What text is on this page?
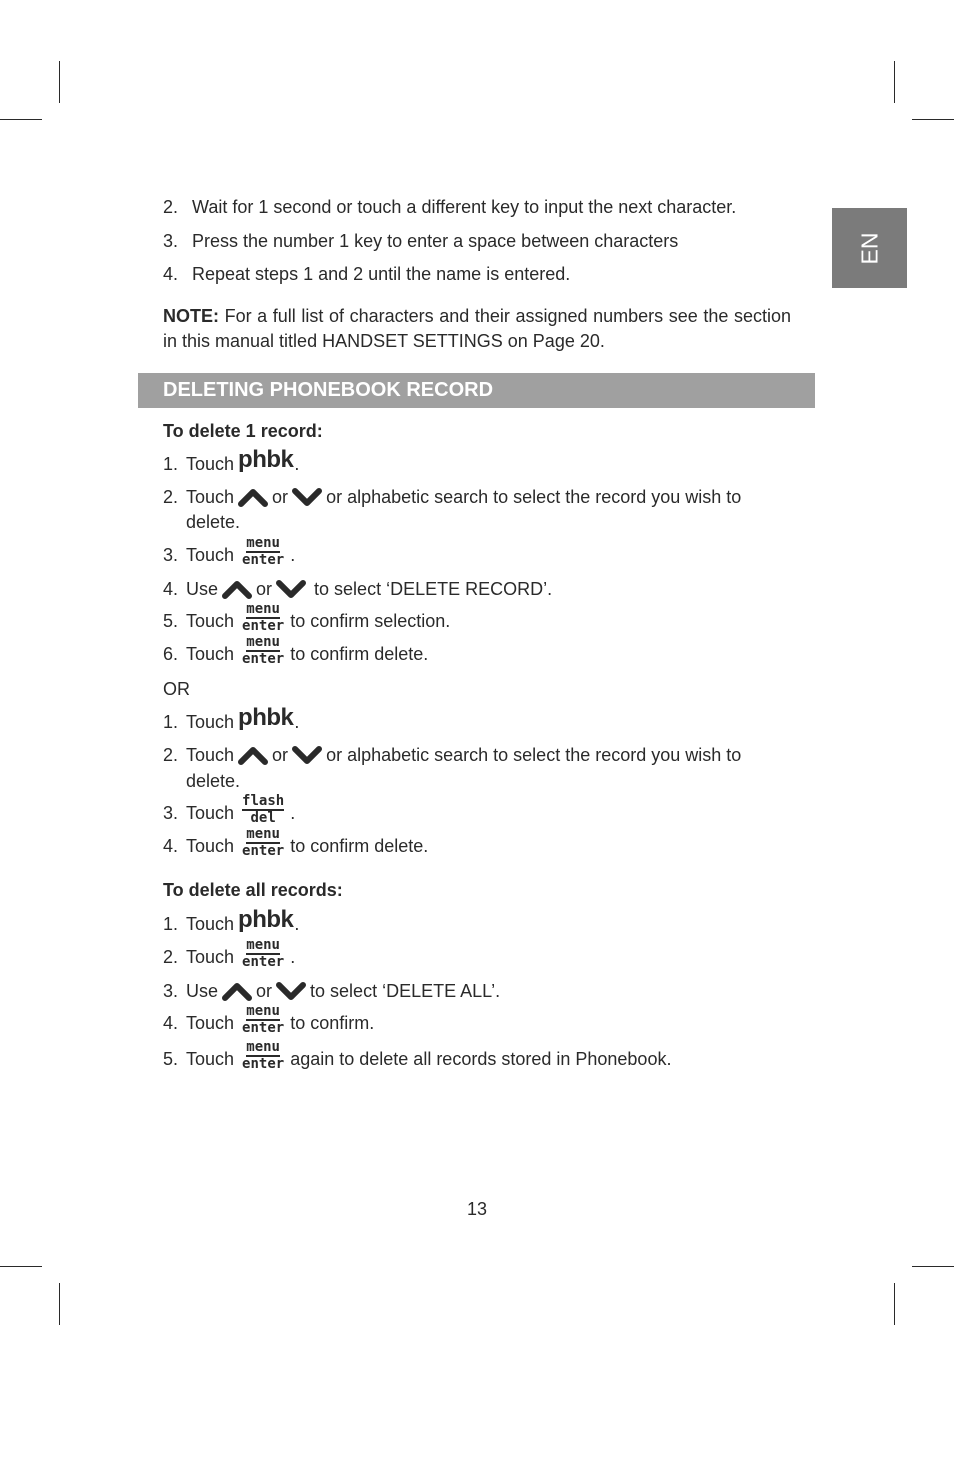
EN
2. Wait for 1 second or touch a different key to input the next character.
3. Press the number 1 key to enter a space between characters
4. Repeat steps 1 and 2 until the name is entered.
To delete 1 record:
1. Touch phbk .
2. Touch or or alphabetic search to select the record you wish to
delete.
3. Touch
menu
enter .
4. Use or to select ‘DELETE RECORD’.
5. Touch
menu
enter to confirm selection.
6. Touch
menu
enter to confirm delete.
OR
1. Touch phbk .
2. Touch or or alphabetic search to select the record you wish to
delete.
3. Touch
flash
del .
4. Touch
menu
enter to confirm delete.
To delete all records:
1. Touch phbk .
2. Touch
menu
enter .
3. Use or to select ‘DELETE ALL’.
4. Touch
menu
enter to confirm.
5. Touch
menu
enter again to delete all records stored in Phonebook.
NOTE: For a full list of characters and their assigned numbers see the section in this manual titled HANDSET SETTINGS on Page 20.
DELETING PHONEBOOK RECORD
13
